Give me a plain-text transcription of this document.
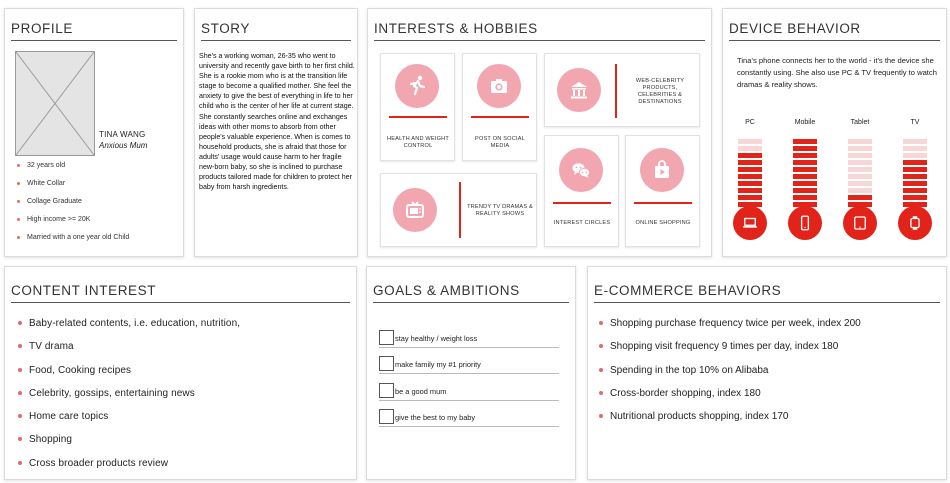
PROFILE
TINA WANG
Anxious Mum
32 years old
White Collar
Collage Graduate
High income >= 20K
Married with a one year old Child
STORY
She's a working woman, 26-35 who went to university and recently gave birth to her first child. She is a rookie mom who is at the transition life stage to become a qualified mother. She feel the anxiety to give the best of everything in life to her child who is the center of her life at current stage. She constantly searches online and exchanges ideas with other moms to absorb from other people's valuable experience. When is comes to household products, she is afraid that those for adults' usage would cause harm to her fragile new-born baby, so she is inclined to purchase products tailored made for children to protect her baby from harsh ingredients.
INTERESTS & HOBBIES
HEALTH AND WEIGHT CONTROL
POST ON SOCIAL MEDIA
WEB-CELEBRITY PRODUCTS, CELEBRITIES & DESTINATIONS
TRENDY TV DRAMAS & REALITY SHOWS
INTEREST CIRCLES	ONLINE SHOPPING
DEVICE BEHAVIOR
Tina's phone connects her to the world - it's the device she constantly using. She also use PC & TV frequently to watch dramas & reality shows.
PC	Mobile	Tablet	TV
CONTENT INTEREST
Baby-related contents, i.e. education, nutrition,
TV drama
Food, Cooking recipes
Celebrity, gossips, entertaining news
Home care topics
Shopping
Cross broader products review
GOALS & AMBITIONS
stay healthy / weight loss
make family my #1 priority
be a good mum
give the best to my baby
E-COMMERCE BEHAVIORS
Shopping purchase frequency twice per week, index 200
Shopping visit frequency 9 times per day, index 180
Spending in the top 10% on Alibaba
Cross-border shopping, index 180
Nutritional products shopping, index 170
